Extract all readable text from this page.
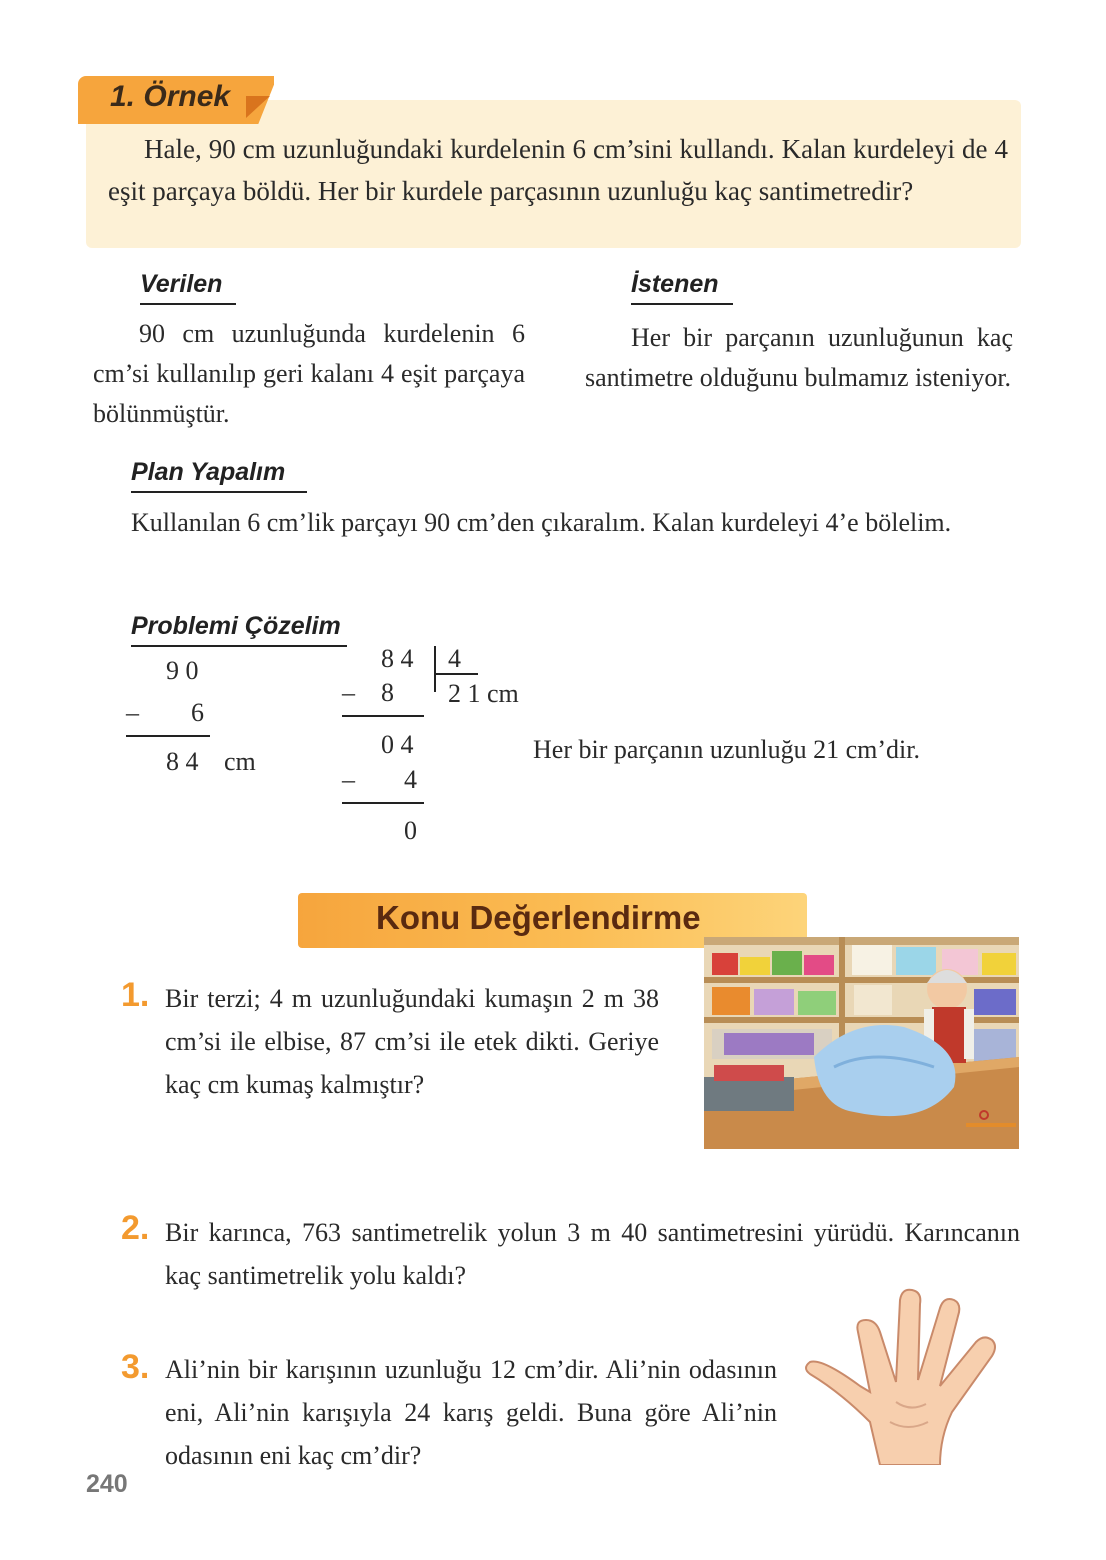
1. Örnek
Hale, 90 cm uzunluğundaki kurdelenin 6 cm’sini kullandı. Kalan kurdeleyi de 4 eşit parçaya böldü. Her bir kurdele parçasının uzunluğu kaç santimetredir?
Verilen
90 cm uzunluğunda kurdelenin 6 cm’si kullanılıp geri kalanı 4 eşit parçaya bölünmüştür.
İstenen
Her bir parçanın uzunluğunun kaç santimetre olduğunu bulmamız isteniyor.
Plan Yapalım
Kullanılan 6 cm’lik parçayı 90 cm’den çıkaralım. Kalan kurdeleyi 4’e bölelim.
Problemi Çözelim
9 0
– 6
8 4 cm
8 4 4
2 1 cm
– 8
0 4
– 4
0
Her bir parçanın uzunluğu 21 cm’dir.
Konu Değerlendirme
1. Bir terzi; 4 m uzunluğundaki kumaşın 2 m 38 cm’si ile elbise, 87 cm’si ile etek dikti. Geriye kaç cm kumaş kalmıştır?
2. Bir karınca, 763 santimetrelik yolun 3 m 40 santimetresini yürüdü. Karıncanın kaç santimetrelik yolu kaldı?
3. Ali’nin bir karışının uzunluğu 12 cm’dir. Ali’nin odasının eni, Ali’nin karışıyla 24 karış geldi. Buna göre Ali’nin odasının eni kaç cm’dir?
240
